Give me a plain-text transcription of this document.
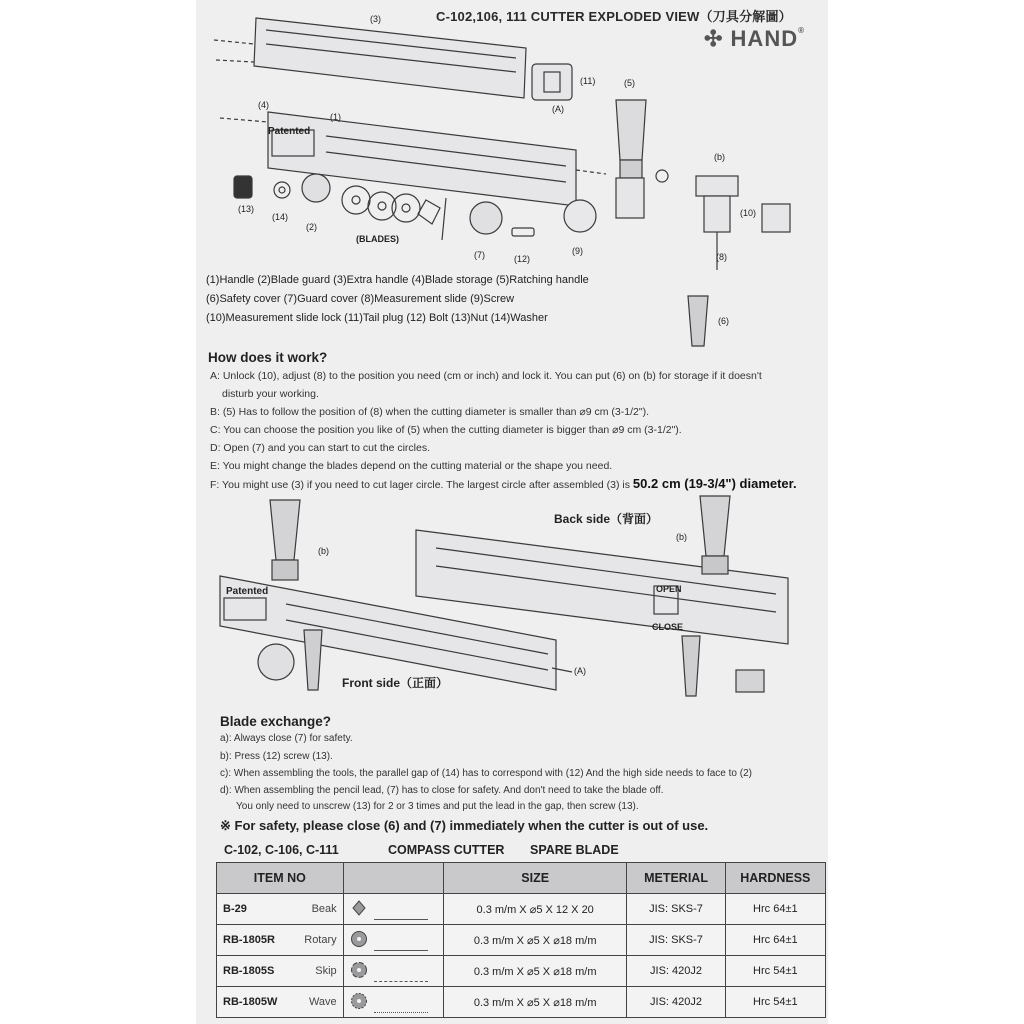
C-102,106, 111 CUTTER EXPLODED VIEW（刀具分解圖）
✣ HAND®
(3)
(11)
(A)
(5)
(4)
(1)
Patented
(b)
(13)
(14)
(2)
(10)
(BLADES)
(7)	(12)
(9)
(8)
(6)
(1)Handle (2)Blade guard (3)Extra handle (4)Blade storage (5)Ratching handle
(6)Safety cover (7)Guard cover (8)Measurement slide (9)Screw
(10)Measurement slide lock (11)Tail plug (12) Bolt (13)Nut (14)Washer
How does it work?
A: Unlock (10), adjust (8) to the position you need (cm or inch) and lock it. You can put (6) on (b) for storage if it doesn't
disturb your working.
B: (5) Has to follow the position of (8) when the cutting diameter is smaller than ⌀9 cm (3-1/2").
C: You can choose the position you like of (5) when the cutting diameter is bigger than ⌀9 cm (3-1/2").
D: Open (7) and you can start to cut the circles.
E: You might change the blades depend on the cutting material or the shape you need.
F: You might use (3) if you need to cut lager circle. The largest circle after assembled (3) is 50.2 cm (19-3/4") diameter.
Back side（背面）
(b)
(b)
Patented	OPEN
CLOSE
(A)
Front side（正面）
Blade exchange?
a): Always close (7) for safety.
b): Press (12) screw (13).
c): When assembling the tools, the parallel gap of (14) has to correspond with (12) And the high side needs to face to (2)
d): When assembling the pencil lead, (7) has to close for safety. And don't need to take the blade off.
You only need to unscrew (13) for 2 or 3 times and put the lead in the gap, then screw (13).
※ For safety, please close (6) and (7) immediately when the cutter is out of use.
C-102, C-106, C-111	COMPASS CUTTER SPARE BLADE
ITEM NO		SIZE	METERIAL	HARDNESS
B-29 Beak		0.3 m/m X ⌀5 X 12 X 20	JIS: SKS-7	Hrc 64±1
RB-1805R Rotary		0.3 m/m X ⌀5 X ⌀18 m/m	JIS: SKS-7	Hrc 64±1
RB-1805S Skip		0.3 m/m X ⌀5 X ⌀18 m/m	JIS: 420J2	Hrc 54±1
RB-1805W Wave		0.3 m/m X ⌀5 X ⌀18 m/m	JIS: 420J2	Hrc 54±1
